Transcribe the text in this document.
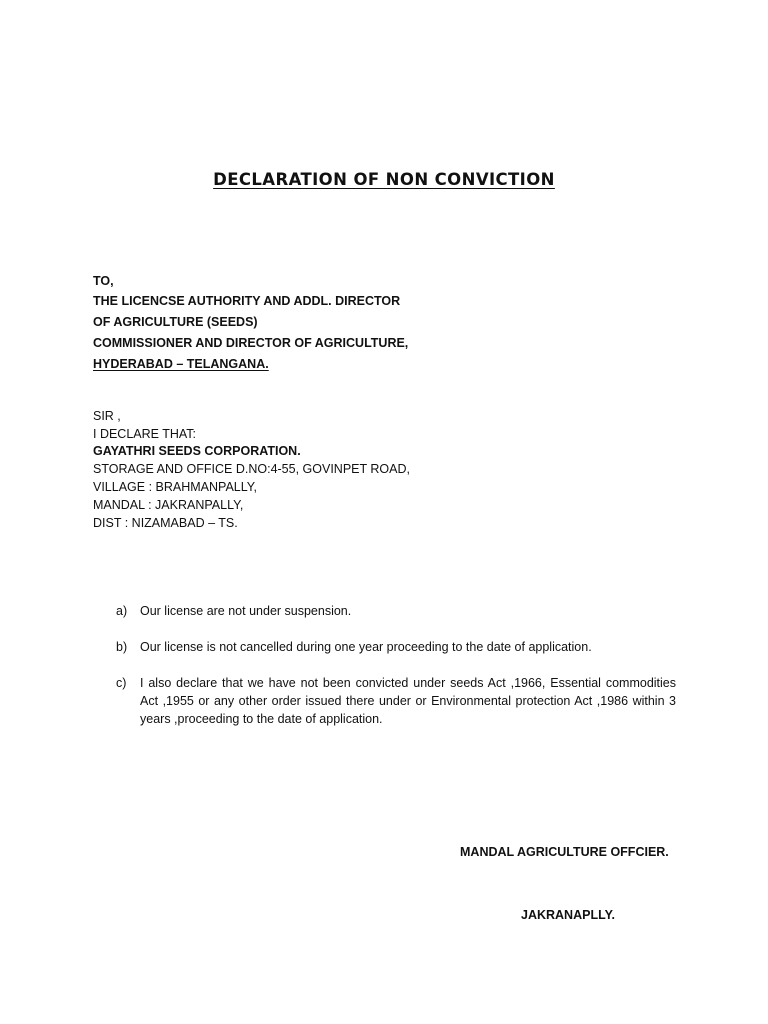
DECLARATION OF NON CONVICTION
TO,
THE LICENCSE AUTHORITY AND ADDL. DIRECTOR
OF AGRICULTURE (SEEDS)
COMMISSIONER AND DIRECTOR OF AGRICULTURE,
HYDERABAD – TELANGANA.
SIR ,
I DECLARE THAT:
GAYATHRI SEEDS CORPORATION.
STORAGE AND OFFICE D.NO:4-55, GOVINPET ROAD,
VILLAGE : BRAHMANPALLY,
MANDAL : JAKRANPALLY,
DIST : NIZAMABAD – TS.
a) Our license are not under suspension.
b) Our license is not cancelled during one year proceeding to the date of application.
c) I also declare that we have not been convicted under seeds Act ,1966, Essential commodities Act ,1955 or any other order issued there under or Environmental protection Act ,1986 within 3 years ,proceeding to the date of application.
MANDAL AGRICULTURE OFFCIER.
JAKRANAPLLY.
